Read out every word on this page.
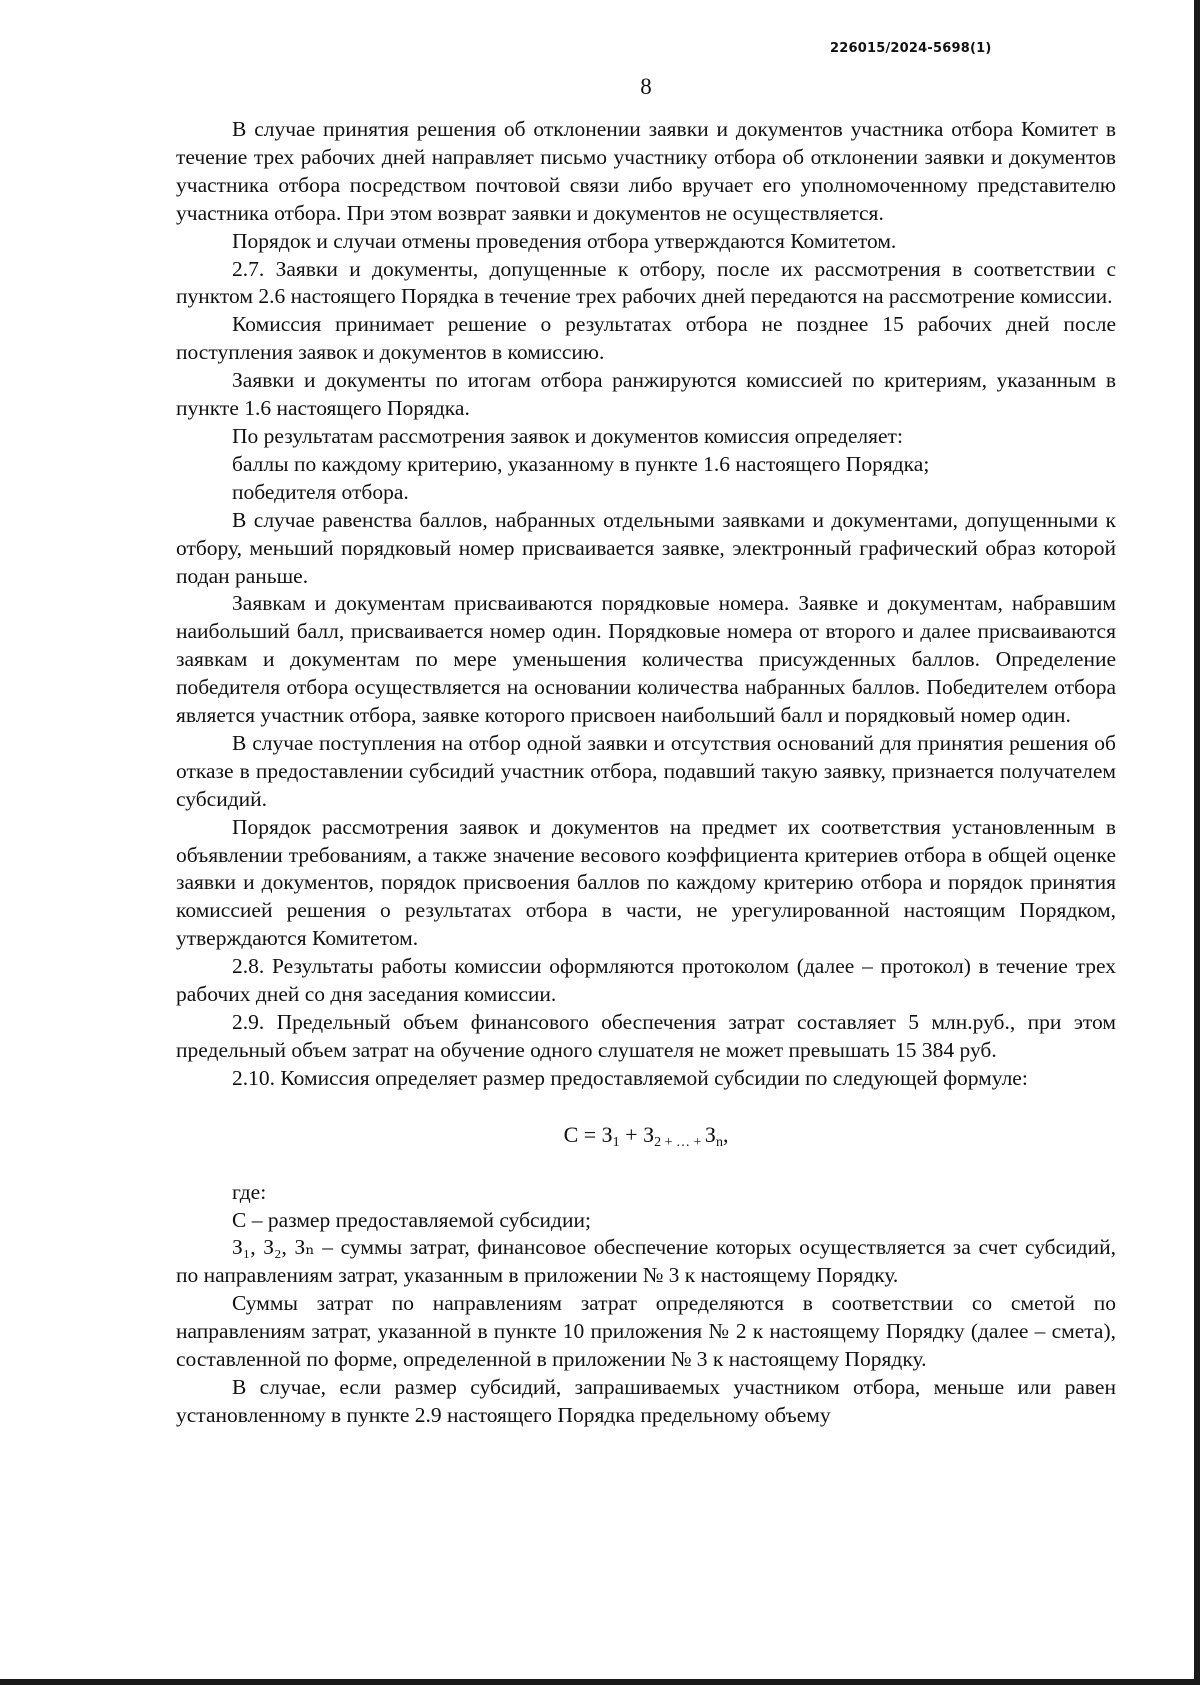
226015/2024-5698(1)
8

В случае принятия решения об отклонении заявки и документов участника отбора Комитет в течение трех рабочих дней направляет письмо участнику отбора об отклонении заявки и документов участника отбора посредством почтовой связи либо вручает его уполномоченному представителю участника отбора. При этом возврат заявки и документов не осуществляется.

Порядок и случаи отмены проведения отбора утверждаются Комитетом.

2.7. Заявки и документы, допущенные к отбору, после их рассмотрения в соответствии с пунктом 2.6 настоящего Порядка в течение трех рабочих дней передаются на рассмотрение комиссии.

Комиссия принимает решение о результатах отбора не позднее 15 рабочих дней после поступления заявок и документов в комиссию.

Заявки и документы по итогам отбора ранжируются комиссией по критериям, указанным в пункте 1.6 настоящего Порядка.

По результатам рассмотрения заявок и документов комиссия определяет:

баллы по каждому критерию, указанному в пункте 1.6 настоящего Порядка;

победителя отбора.

В случае равенства баллов, набранных отдельными заявками и документами, допущенными к отбору, меньший порядковый номер присваивается заявке, электронный графический образ которой подан раньше.

Заявкам и документам присваиваются порядковые номера. Заявке и документам, набравшим наибольший балл, присваивается номер один. Порядковые номера от второго и далее присваиваются заявкам и документам по мере уменьшения количества присужденных баллов. Определение победителя отбора осуществляется на основании количества набранных баллов. Победителем отбора является участник отбора, заявке которого присвоен наибольший балл и порядковый номер один.

В случае поступления на отбор одной заявки и отсутствия оснований для принятия решения об отказе в предоставлении субсидий участник отбора, подавший такую заявку, признается получателем субсидий.

Порядок рассмотрения заявок и документов на предмет их соответствия установленным в объявлении требованиям, а также значение весового коэффициента критериев отбора в общей оценке заявки и документов, порядок присвоения баллов по каждому критерию отбора и порядок принятия комиссией решения о результатах отбора в части, не урегулированной настоящим Порядком, утверждаются Комитетом.

2.8. Результаты работы комиссии оформляются протоколом (далее – протокол) в течение трех рабочих дней со дня заседания комиссии.

2.9. Предельный объем финансового обеспечения затрат составляет 5 млн.руб., при этом предельный объем затрат на обучение одного слушателя не может превышать 15 384 руб.

2.10. Комиссия определяет размер предоставляемой субсидии по следующей формуле:

$С = З_1 + З_{2 + \dots +}$ $З_n$,

где:

С – размер предоставляемой субсидии;

З₁, З₂, Зₙ – суммы затрат, финансовое обеспечение которых осуществляется за счет субсидий, по направлениям затрат, указанным в приложении № 3 к настоящему Порядку.

Суммы затрат по направлениям затрат определяются в соответствии со сметой по направлениям затрат, указанной в пункте 10 приложения № 2 к настоящему Порядку (далее – смета), составленной по форме, определенной в приложении № 3 к настоящему Порядку.

В случае, если размер субсидий, запрашиваемых участником отбора, меньше или равен установленному в пункте 2.9 настоящего Порядка предельному объему
